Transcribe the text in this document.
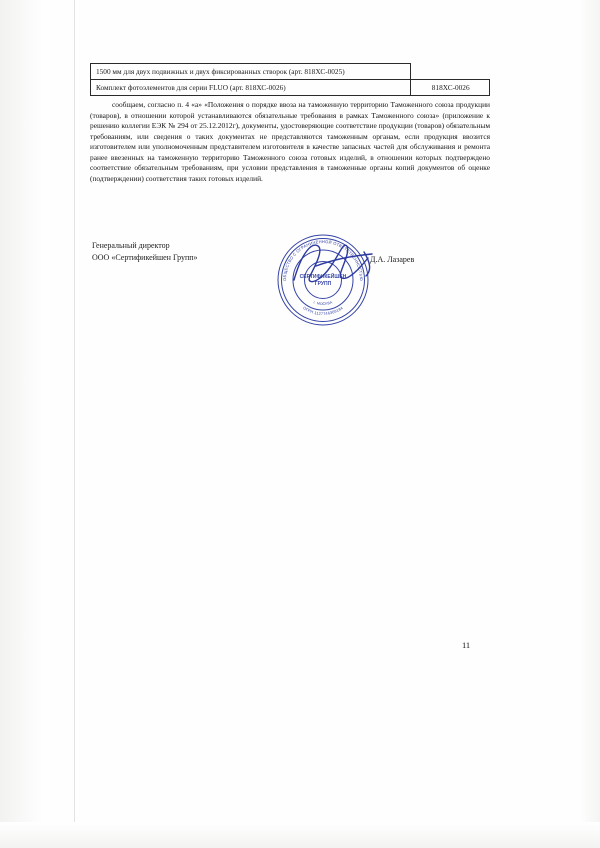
1500 мм для двух подвижных и двух фиксированных створок (арт. 818ХС-0025)	
Комплект фотоэлементов для серии FLUO (арт. 818ХС-0026)	818ХС-0026
сообщаем, согласно п. 4 «а» «Положения о порядке ввоза на таможенную территорию Таможенного союза продукции (товаров), в отношении которой устанавливаются обязательные требования в рамках Таможенного союза» (приложение к решению коллегии ЕЭК № 294 от 25.12.2012г), документы, удостоверяющие соответствие продукции (товаров) обязательным требованиям, или сведения о таких документах не представляются таможенным органам, если продукция ввозится изготовителем или уполномоченным представителем изготовителя в качестве запасных частей для обслуживания и ремонта ранее ввезенных на таможенную территорию Таможенного союза готовых изделий, в отношении которых подтверждено соответствие обязательным требованиям, при условии представления в таможенные органы копий документов об оценке (подтверждении) соответствия таких готовых изделий.
Генеральный директор
ООО «Сертификейшен Групп»	Д.А. Лазарев
ОБЩЕСТВО С ОГРАНИЧЕННОЙ ОТВЕТСТВЕННОСТЬЮ
ОГРН 1127746369184
г. МОСКВА
СЕРТИФИКЕЙШЕН
ГРУПП
11
